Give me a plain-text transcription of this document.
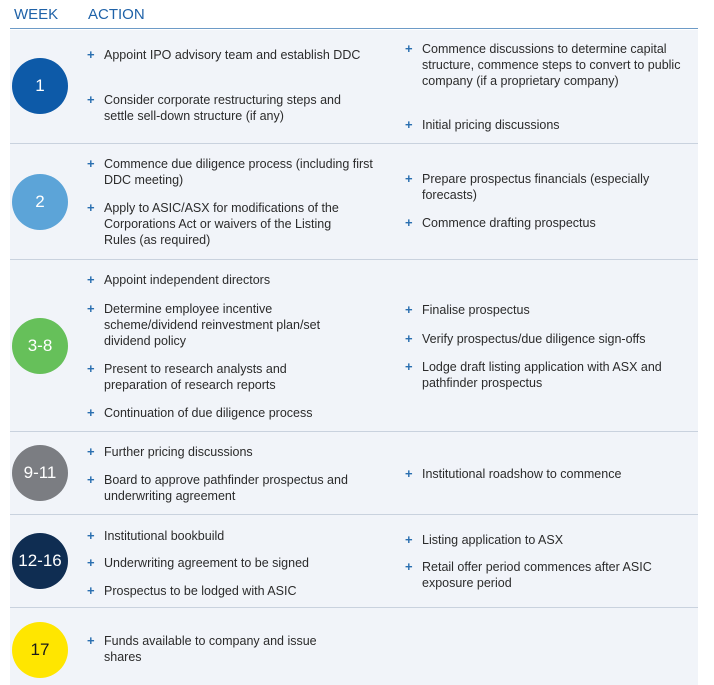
WEEK ACTION
1
+ Appoint IPO advisory team and establish DDC
+ Consider corporate restructuring steps and settle sell-down structure (if any)
+ Commence discussions to determine capital structure, commence steps to convert to public company (if a proprietary company)
+ Initial pricing discussions
2
+ Commence due diligence process (including first DDC meeting)
+ Apply to ASIC/ASX for modifications of the Corporations Act or waivers of the Listing Rules (as required)
+ Prepare prospectus financials (especially forecasts)
+ Commence drafting prospectus
3-8
+ Appoint independent directors
+ Determine employee incentive scheme/dividend reinvestment plan/set dividend policy
+ Present to research analysts and preparation of research reports
+ Continuation of due diligence process
+ Finalise prospectus
+ Verify prospectus/due diligence sign-offs
+ Lodge draft listing application with ASX and pathfinder prospectus
9-11
+ Further pricing discussions
+ Board to approve pathfinder prospectus and underwriting agreement
+ Institutional roadshow to commence
12-16
+ Institutional bookbuild
+ Underwriting agreement to be signed
+ Prospectus to be lodged with ASIC
+ Listing application to ASX
+ Retail offer period commences after ASIC exposure period
17	+ Funds available to company and issue shares
